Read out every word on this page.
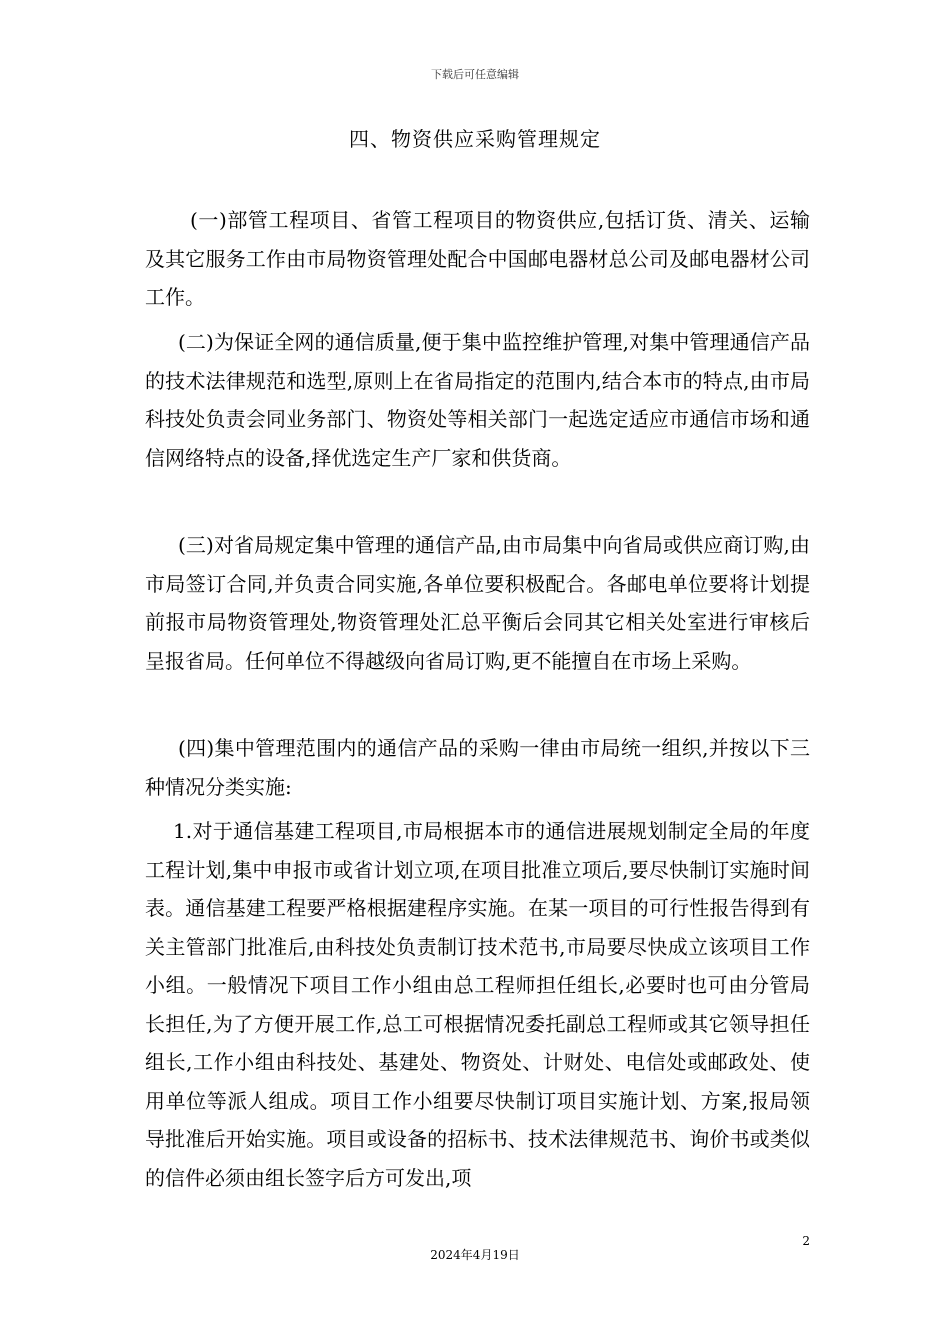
下载后可任意编辑
四、物资供应采购管理规定

(一)部管工程项目、省管工程项目的物资供应,包括订货、清关、运输及其它服务工作由市局物资管理处配合中国邮电器材总公司及邮电器材公司工作。

(二)为保证全网的通信质量,便于集中监控维护管理,对集中管理通信产品的技术法律规范和选型,原则上在省局指定的范围内,结合本市的特点,由市局科技处负责会同业务部门、物资处等相关部门一起选定适应市通信市场和通信网络特点的设备,择优选定生产厂家和供货商。

(三)对省局规定集中管理的通信产品,由市局集中向省局或供应商订购,由市局签订合同,并负责合同实施,各单位要积极配合。各邮电单位要将计划提前报市局物资管理处,物资管理处汇总平衡后会同其它相关处室进行审核后呈报省局。任何单位不得越级向省局订购,更不能擅自在市场上采购。

(四)集中管理范围内的通信产品的采购一律由市局统一组织,并按以下三种情况分类实施:

1.对于通信基建工程项目,市局根据本市的通信进展规划制定全局的年度工程计划,集中申报市或省计划立项,在项目批准立项后,要尽快制订实施时间表。通信基建工程要严格根据建程序实施。在某一项目的可行性报告得到有关主管部门批准后,由科技处负责制订技术范书,市局要尽快成立该项目工作小组。一般情况下项目工作小组由总工程师担任组长,必要时也可由分管局长担任,为了方便开展工作,总工可根据情况委托副总工程师或其它领导担任组长,工作小组由科技处、基建处、物资处、计财处、电信处或邮政处、使用单位等派人组成。项目工作小组要尽快制订项目实施计划、方案,报局领导批准后开始实施。项目或设备的招标书、技术法律规范书、询价书或类似的信件必须由组长签字后方可发出,项

2
2024年4月19日
